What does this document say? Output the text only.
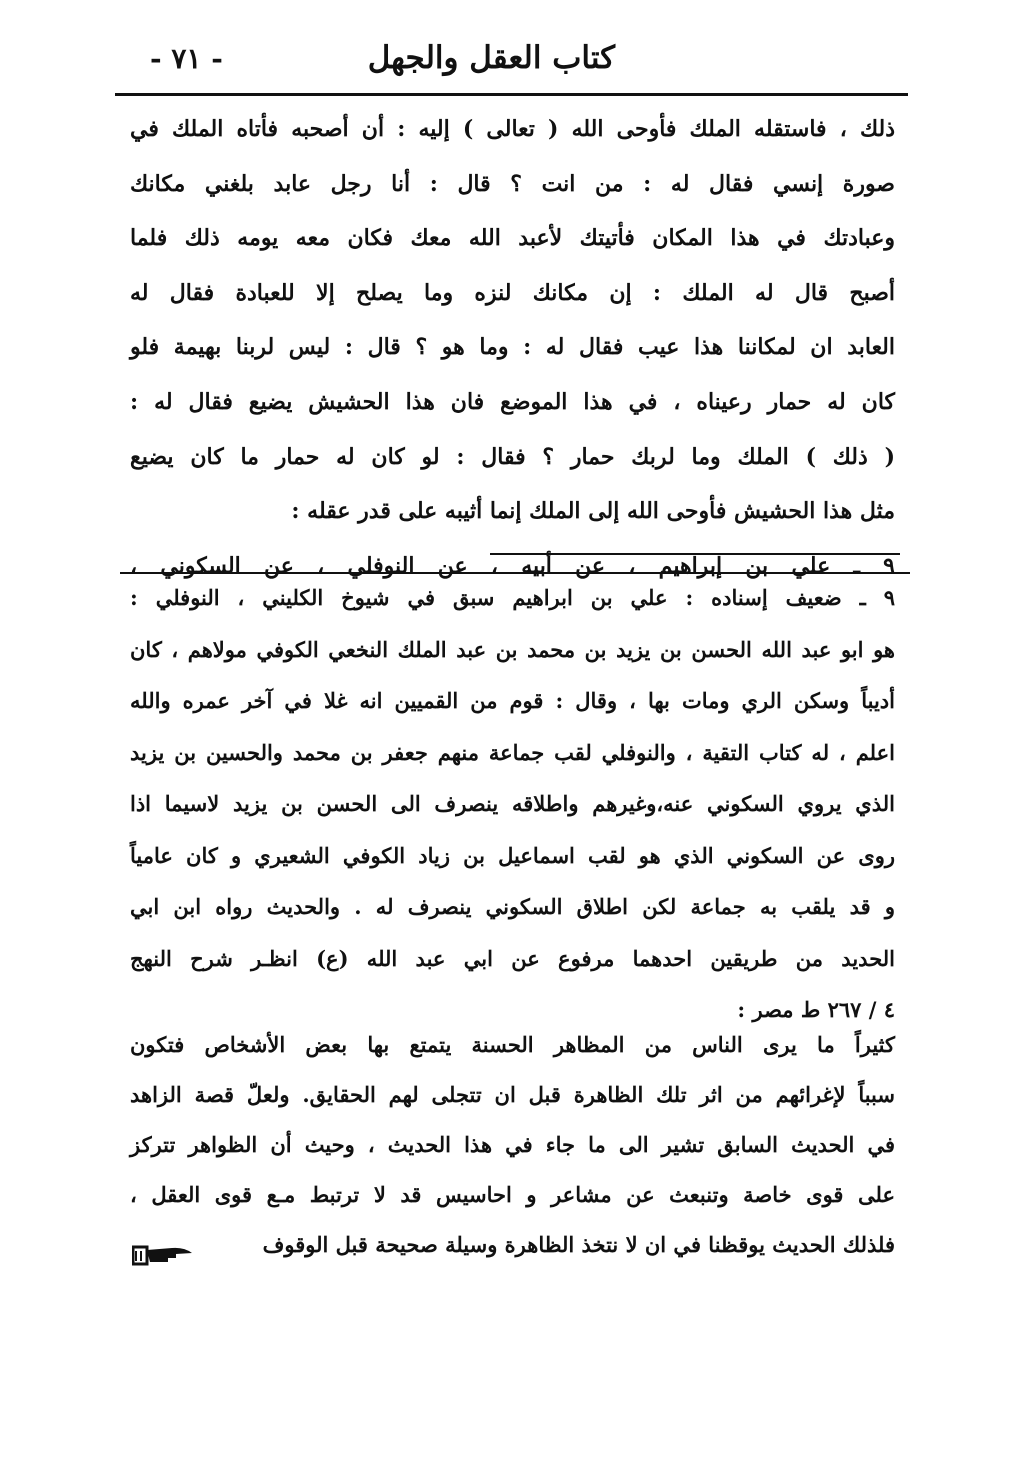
كتاب العقل والجهل
- ٧١ -
ذلك ، فاستقله الملك فأوحى الله ( تعالى ) إليه : أن أصحبه فأتاه الملك في
صورة إنسي فقال له : من انت ؟ قال : أنا رجل عابد بلغني مكانك
وعبادتك في هذا المكان فأتيتك لأعبد الله معك فكان معه يومه ذلك فلما
أصبح قال له الملك : إن مكانك لنزه وما يصلح إلا للعبادة فقال له
العابد ان لمكاننا هذا عيب فقال له : وما هو ؟ قال : ليس لربنا بهيمة فلو
كان له حمار رعيناه ، في هذا الموضع فان هذا الحشيش يضيع فقال له :
( ذلك ) الملك وما لربك حمار ؟ فقال : لو كان له حمار ما كان يضيع
مثل هذا الحشيش فأوحى الله إلى الملك إنما أثيبه على قدر عقله :
٩ ـ علي بن إبراهيم ، عن أبيه ، عن النوفلي ، عن السكوني ،
٩ ـ ضعيف إسناده : علي بن ابراهيم سبق في شيوخ الكليني ، النوفلي :
هو ابو عبد الله الحسن بن يزيد بن محمد بن عبد الملك النخعي الكوفي مولاهم ، كان
أديباً وسكن الري ومات بها ، وقال : قوم من القميين انه غلا في آخر عمره والله
اعلم ، له كتاب التقية ، والنوفلي لقب جماعة منهم جعفر بن محمد والحسين بن يزيد
الذي يروي السكوني عنه،وغيرهم واطلاقه ينصرف الى الحسن بن يزيد لاسيما اذا
روى عن السكوني الذي هو لقب اسماعيل بن زياد الكوفي الشعيري و كان عامياً
و قد يلقب به جماعة لكن اطلاق السكوني ينصرف له . والحديث رواه ابن ابي
الحديد من طريقين احدهما مرفوع عن ابي عبد الله (ع) انظـر شرح النهج
٤ / ٢٦٧ ط مصر :
كثيراً ما يرى الناس من المظاهر الحسنة يتمتع بها بعض الأشخاص فتكون
سبباً لإغرائهم من اثر تلك الظاهرة قبل ان تتجلى لهم الحقايق. ولعلّ قصة الزاهد
في الحديث السابق تشير الى ما جاء في هذا الحديث ، وحيث أن الظواهر تتركز
على قوى خاصة وتنبعث عن مشاعر و احاسيس قد لا ترتبط مـع قوى العقل ،
فلذلك الحديث يوقظنا في ان لا نتخذ الظاهرة وسيلة صحيحة قبل الوقوف
